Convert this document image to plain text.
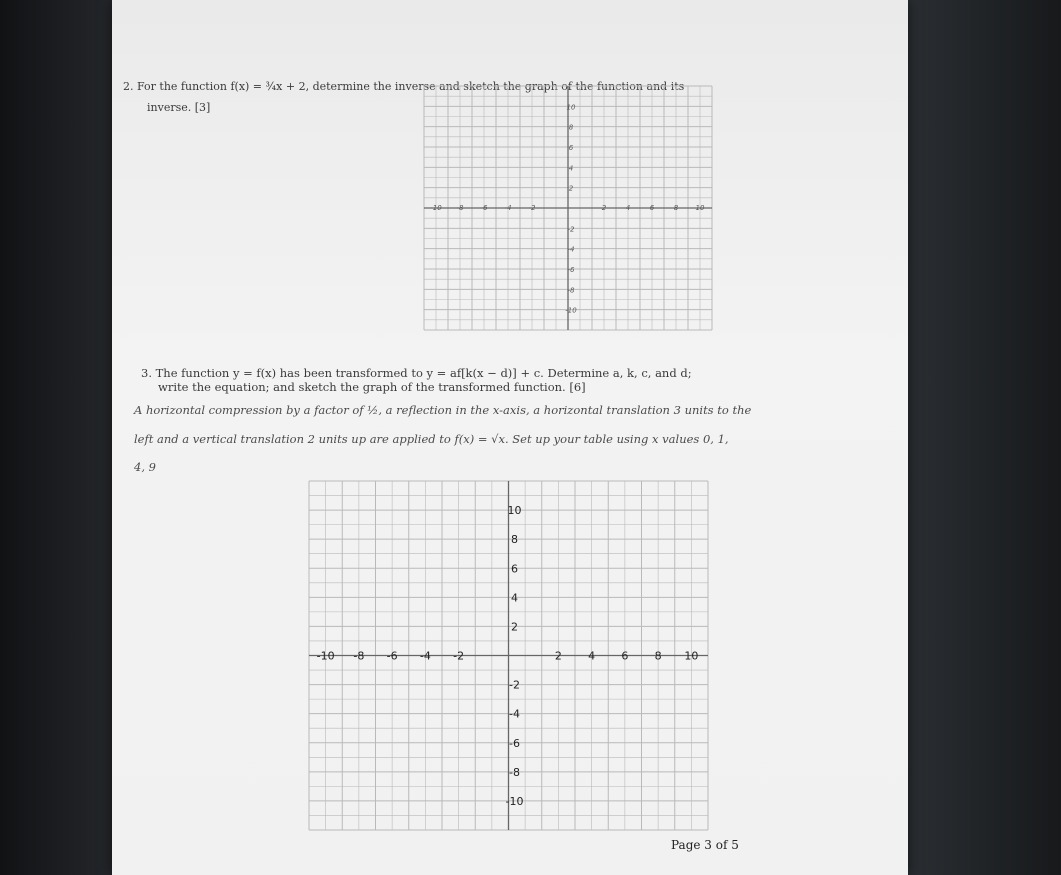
2. For the function f(x) = ¾x + 2, determine the inverse and sketch the graph of the function and its
inverse. [3]
3. The function y = f(x) has been transformed to y = af[k(x − d)] + c. Determine a, k, c, and d;
write the equation; and sketch the graph of the transformed function. [6]
A horizontal compression by a factor of ½, a reflection in the x-axis, a horizontal translation 3 units to the
left and a vertical translation 2 units up are applied to f(x) = √x. Set up your table using x values 0, 1,
4, 9
-10 -8 -6 -4 -2	2	4	6	8 10
10
8
6
4
2
-2
-4
-6
-8
-10
-10 -8 -6 -4 -2	2 4 6 8 10
10
8
6
4
2
-2
-4
-6
-8
-10
Page 3 of 5
